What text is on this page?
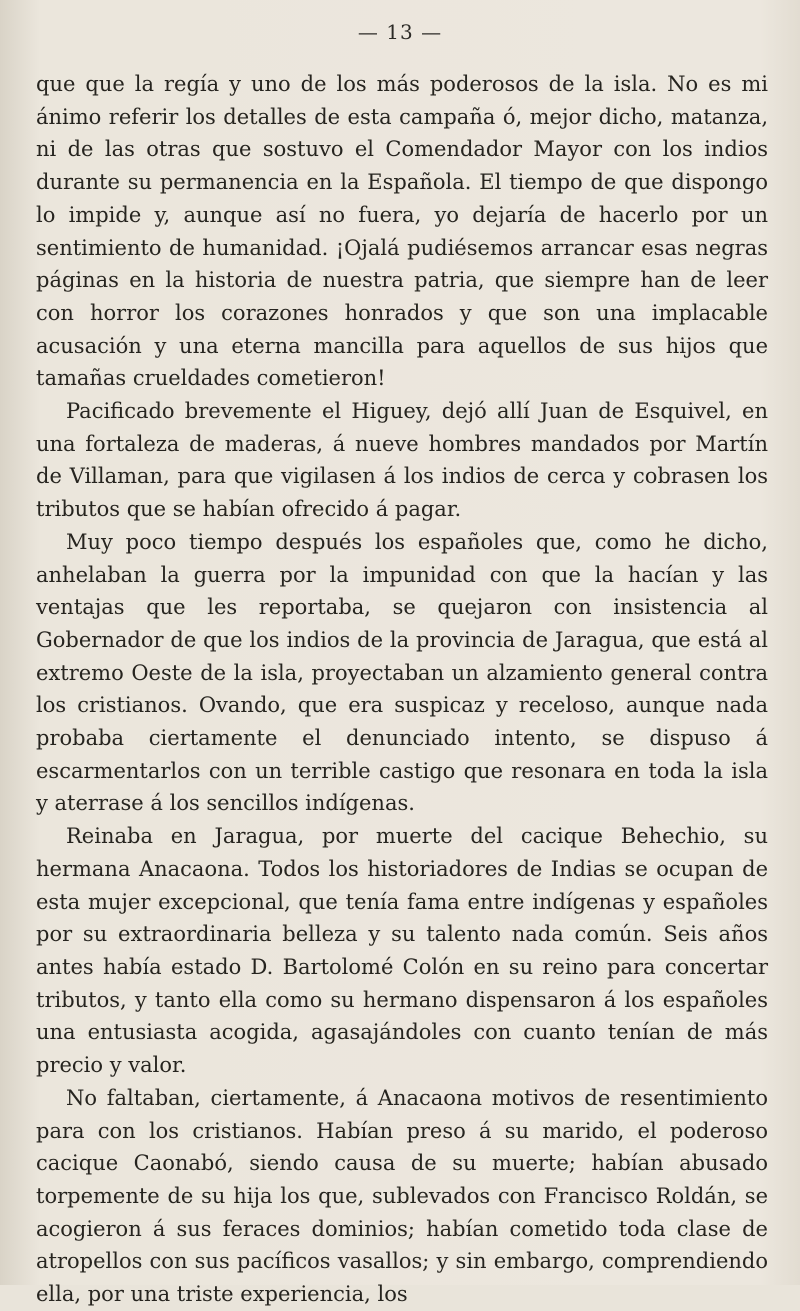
— 13 —

que que la regía y uno de los más poderosos de la isla. No es mi ánimo referir los detalles de esta campaña ó, mejor dicho, matanza, ni de las otras que sostuvo el Comendador Mayor con los indios durante su permanencia en la Española. El tiempo de que dispongo lo impide y, aunque así no fuera, yo dejaría de hacerlo por un sentimiento de humanidad. ¡Ojalá pudiésemos arrancar esas negras páginas en la historia de nuestra patria, que siempre han de leer con horror los corazones honrados y que son una implacable acusación y una eterna mancilla para aquellos de sus hijos que tamañas crueldades cometieron!

Pacificado brevemente el Higuey, dejó allí Juan de Esquivel, en una fortaleza de maderas, á nueve hombres mandados por Martín de Villaman, para que vigilasen á los indios de cerca y cobrasen los tributos que se habían ofrecido á pagar.

Muy poco tiempo después los españoles que, como he dicho, anhelaban la guerra por la impunidad con que la hacían y las ventajas que les reportaba, se quejaron con insistencia al Gobernador de que los indios de la provincia de Jaragua, que está al extremo Oeste de la isla, proyectaban un alzamiento general contra los cristianos. Ovando, que era suspicaz y receloso, aunque nada probaba ciertamente el denunciado intento, se dispuso á escarmentarlos con un terrible castigo que resonara en toda la isla y aterrase á los sencillos indígenas.

Reinaba en Jaragua, por muerte del cacique Behechio, su hermana Anacaona. Todos los historiadores de Indias se ocupan de esta mujer excepcional, que tenía fama entre indígenas y españoles por su extraordinaria belleza y su talento nada común. Seis años antes había estado D. Bartolomé Colón en su reino para concertar tributos, y tanto ella como su hermano dispensaron á los españoles una entusiasta acogida, agasajándoles con cuanto tenían de más precio y valor.

No faltaban, ciertamente, á Anacaona motivos de resentimiento para con los cristianos. Habían preso á su marido, el poderoso cacique Caonabó, siendo causa de su muerte; habían abusado torpemente de su hija los que, sublevados con Francisco Roldán, se acogieron á sus feraces dominios; habían cometido toda clase de atropellos con sus pacíficos vasallos; y sin embargo, comprendiendo ella, por una triste experiencia, los
